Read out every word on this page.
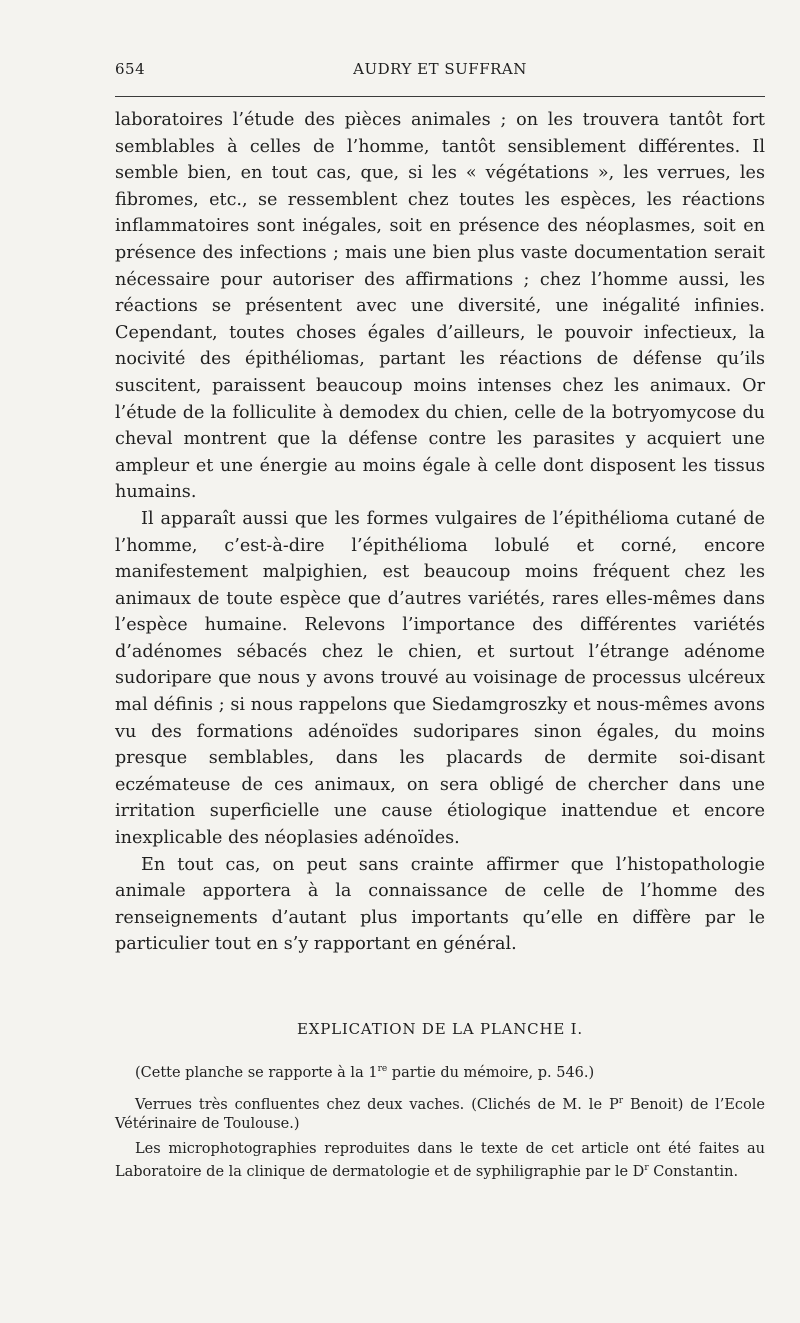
654	AUDRY ET SUFFRAN

laboratoires l’étude des pièces animales ; on les trouvera tantôt fort semblables à celles de l’homme, tantôt sensiblement différentes. Il semble bien, en tout cas, que, si les « végétations », les verrues, les fibromes, etc., se ressemblent chez toutes les espèces, les réactions inflammatoires sont inégales, soit en présence des néoplasmes, soit en présence des infections ; mais une bien plus vaste documentation serait nécessaire pour autoriser des affirmations ; chez l’homme aussi, les réactions se présentent avec une diversité, une inégalité infinies. Cependant, toutes choses égales d’ailleurs, le pouvoir infectieux, la nocivité des épithéliomas, partant les réactions de défense qu’ils suscitent, paraissent beaucoup moins intenses chez les animaux. Or l’étude de la folliculite à demodex du chien, celle de la botryomycose du cheval montrent que la défense contre les parasites y acquiert une ampleur et une énergie au moins égale à celle dont disposent les tissus humains.

Il apparaît aussi que les formes vulgaires de l’épithélioma cutané de l’homme, c’est-à-dire l’épithélioma lobulé et corné, encore manifestement malpighien, est beaucoup moins fréquent chez les animaux de toute espèce que d’autres variétés, rares elles-mêmes dans l’espèce humaine. Relevons l’importance des différentes variétés d’adénomes sébacés chez le chien, et surtout l’étrange adénome sudoripare que nous y avons trouvé au voisinage de processus ulcéreux mal définis ; si nous rappelons que Siedamgroszky et nous-mêmes avons vu des formations adénoïdes sudoripares sinon égales, du moins presque semblables, dans les placards de dermite soi-disant eczémateuse de ces animaux, on sera obligé de chercher dans une irritation superficielle une cause étiologique inattendue et encore inexplicable des néoplasies adénoïdes.

En tout cas, on peut sans crainte affirmer que l’histopathologie animale apportera à la connaissance de celle de l’homme des renseignements d’autant plus importants qu’elle en diffère par le particulier tout en s’y rapportant en général.

EXPLICATION DE LA PLANCHE I.

(Cette planche se rapporte à la 1re partie du mémoire, p. 546.)

Verrues très confluentes chez deux vaches. (Clichés de M. le $P^r$ Benoit) de l’Ecole Vétérinaire de Toulouse.)

Les microphotographies reproduites dans le texte de cet article ont été faites au Laboratoire de la clinique de dermatologie et de syphiligraphie par le $D^r$ Constantin.
